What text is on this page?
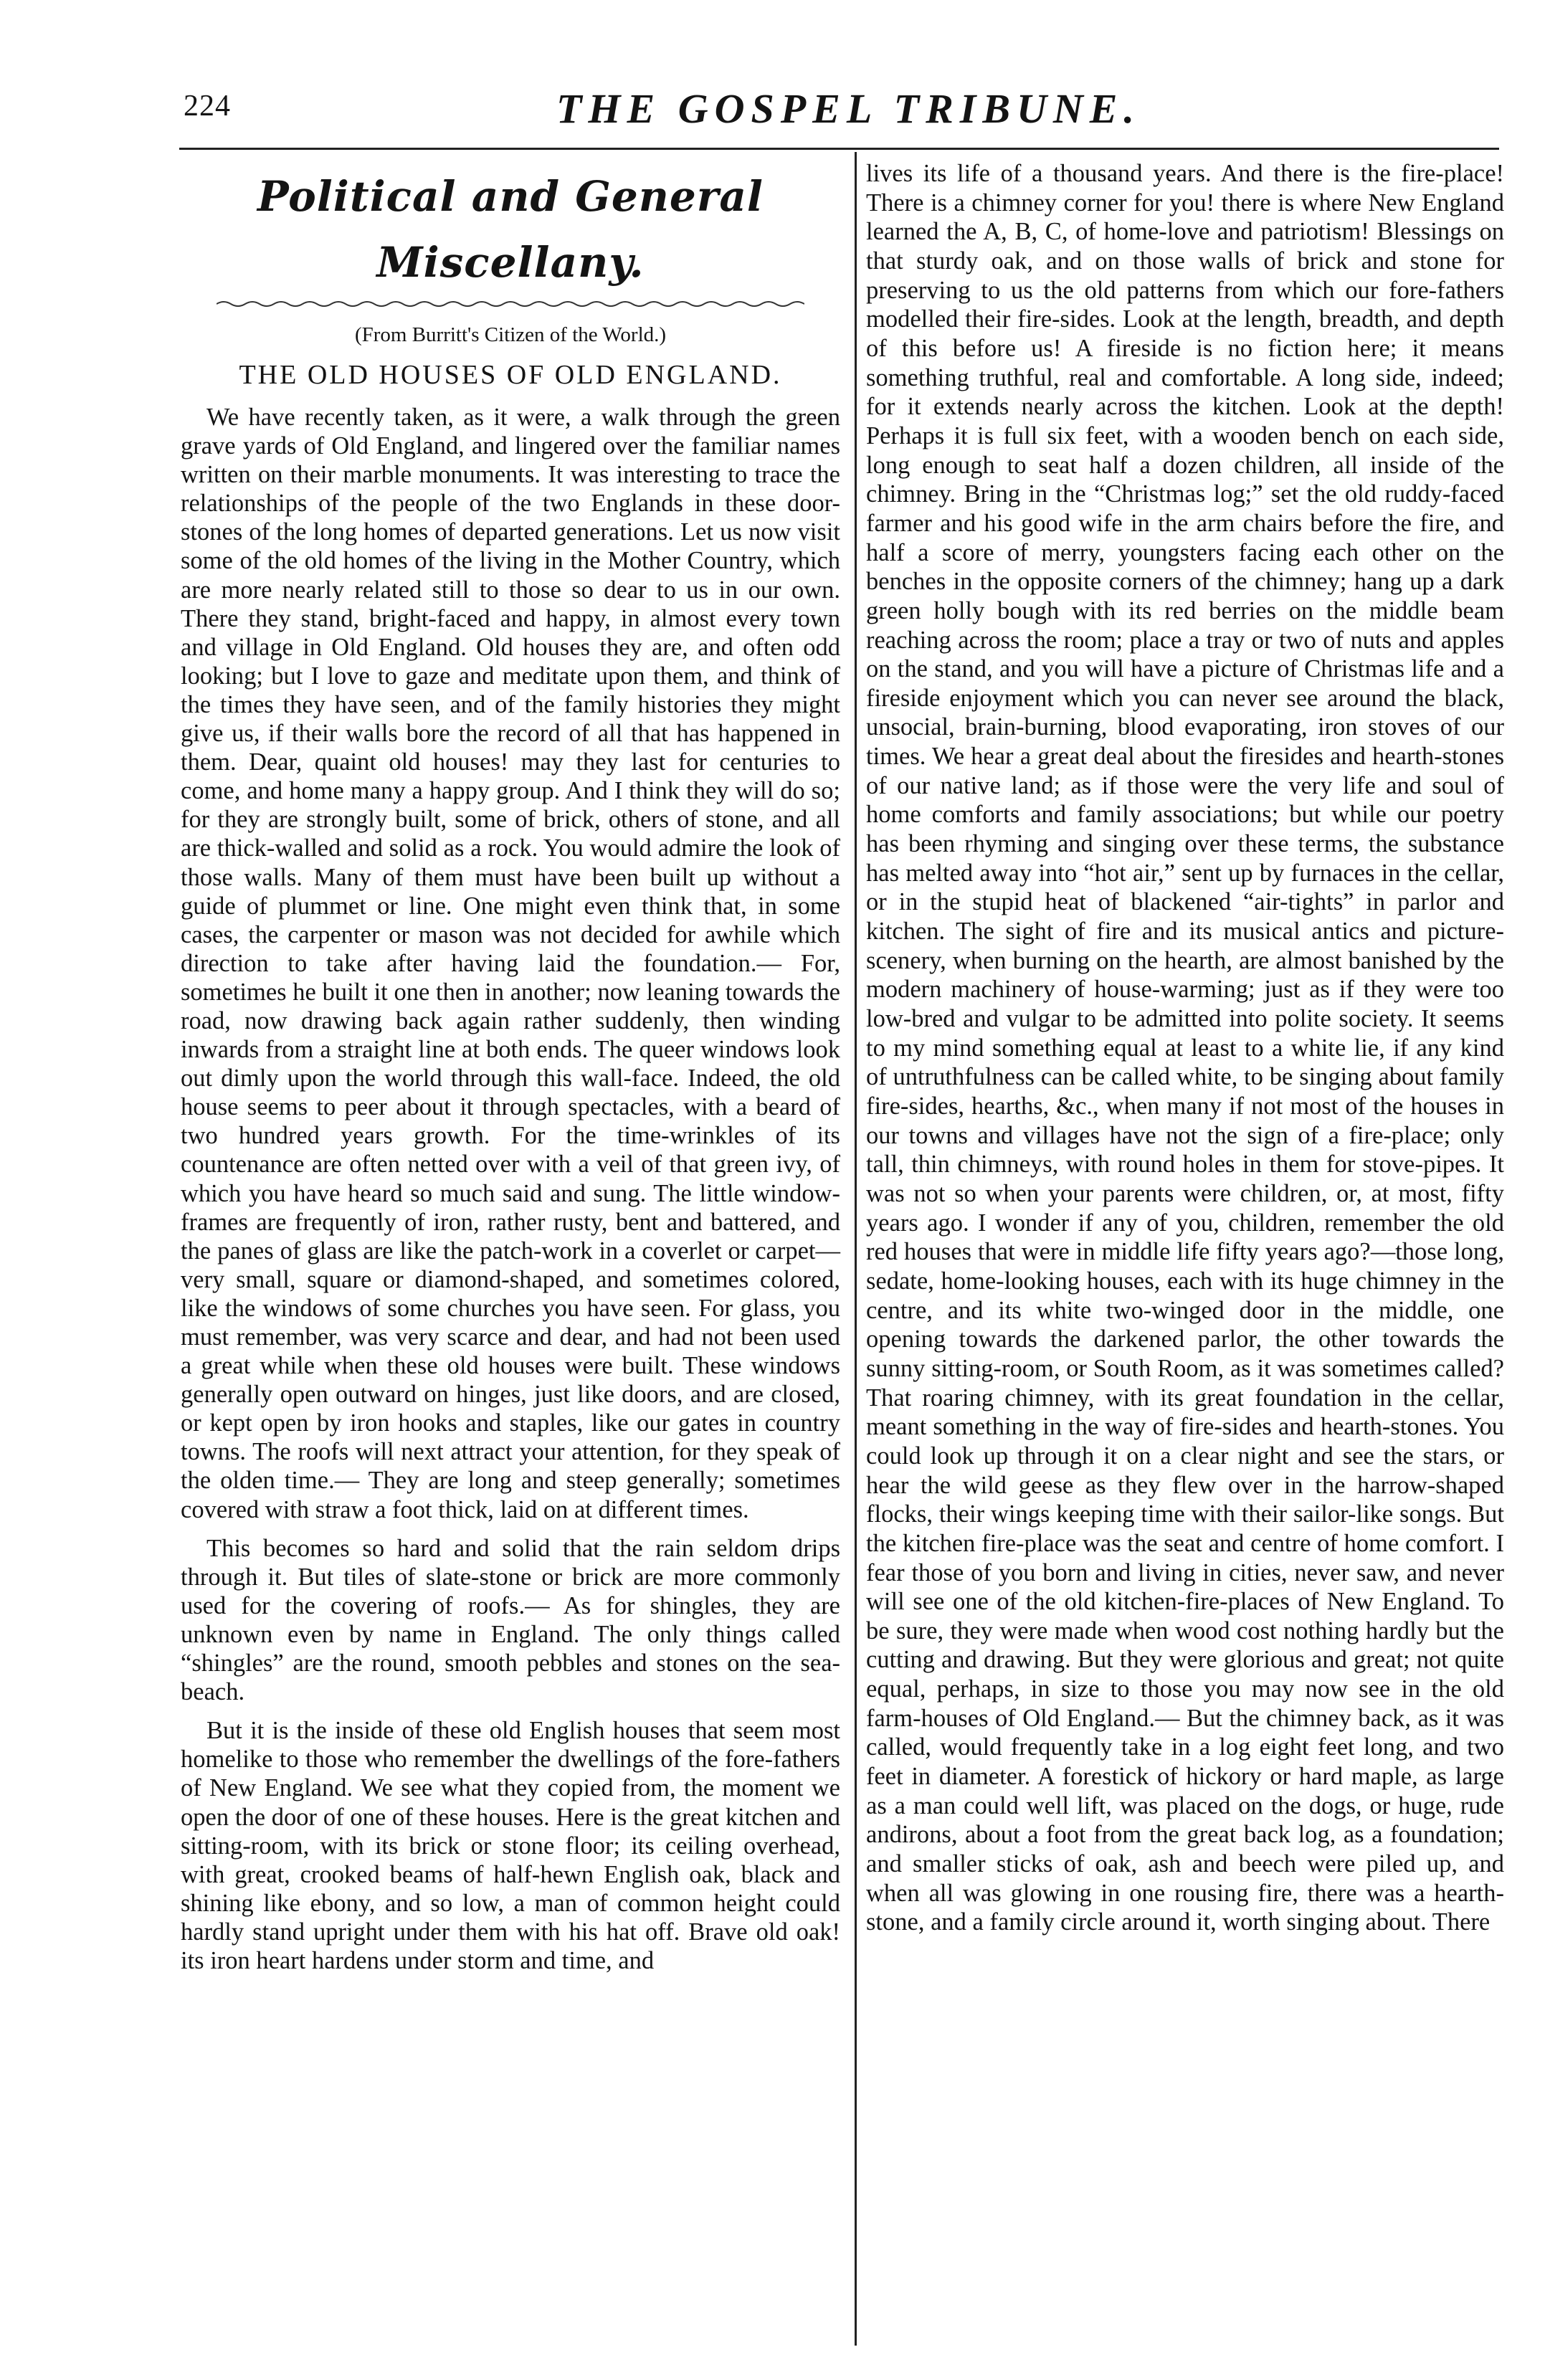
224	THE GOSPEL TRIBUNE.
Political and General Miscellany.
(From Burritt's Citizen of the World.)
THE OLD HOUSES OF OLD ENGLAND.

We have recently taken, as it were, a walk through the green grave yards of Old England, and lingered over the familiar names written on their marble monuments. It was interesting to trace the relationships of the people of the two Englands in these door-stones of the long homes of departed generations. Let us now visit some of the old homes of the living in the Mother Country, which are more nearly related still to those so dear to us in our own. There they stand, bright-faced and happy, in almost every town and village in Old England. Old houses they are, and often odd looking; but I love to gaze and meditate upon them, and think of the times they have seen, and of the family histories they might give us, if their walls bore the record of all that has happened in them. Dear, quaint old houses! may they last for centuries to come, and home many a happy group. And I think they will do so; for they are strongly built, some of brick, others of stone, and all are thick-walled and solid as a rock. You would admire the look of those walls. Many of them must have been built up without a guide of plummet or line. One might even think that, in some cases, the carpenter or mason was not decided for awhile which direction to take after having laid the foundation.— For, sometimes he built it one then in another; now leaning towards the road, now drawing back again rather suddenly, then winding inwards from a straight line at both ends. The queer windows look out dimly upon the world through this wall-face. Indeed, the old house seems to peer about it through spectacles, with a beard of two hundred years growth. For the time-wrinkles of its countenance are often netted over with a veil of that green ivy, of which you have heard so much said and sung. The little window-frames are frequently of iron, rather rusty, bent and battered, and the panes of glass are like the patch-work in a coverlet or carpet—very small, square or diamond-shaped, and sometimes colored, like the windows of some churches you have seen. For glass, you must remember, was very scarce and dear, and had not been used a great while when these old houses were built. These windows generally open outward on hinges, just like doors, and are closed, or kept open by iron hooks and staples, like our gates in country towns. The roofs will next attract your attention, for they speak of the olden time.— They are long and steep generally; sometimes covered with straw a foot thick, laid on at different times.

This becomes so hard and solid that the rain seldom drips through it. But tiles of slate-stone or brick are more commonly used for the covering of roofs.— As for shingles, they are unknown even by name in England. The only things called “shingles” are the round, smooth pebbles and stones on the sea-beach.

But it is the inside of these old English houses that seem most homelike to those who remember the dwellings of the fore-fathers of New England. We see what they copied from, the moment we open the door of one of these houses. Here is the great kitchen and sitting-room, with its brick or stone floor; its ceiling overhead, with great, crooked beams of half-hewn English oak, black and shining like ebony, and so low, a man of common height could hardly stand upright under them with his hat off. Brave old oak! its iron heart hardens under storm and time, and

lives its life of a thousand years. And there is the fire-place! There is a chimney corner for you! there is where New England learned the A, B, C, of home-love and patriotism! Blessings on that sturdy oak, and on those walls of brick and stone for preserving to us the old patterns from which our fore-fathers modelled their fire-sides. Look at the length, breadth, and depth of this before us! A fireside is no fiction here; it means something truthful, real and comfortable. A long side, indeed; for it extends nearly across the kitchen. Look at the depth! Perhaps it is full six feet, with a wooden bench on each side, long enough to seat half a dozen children, all inside of the chimney. Bring in the “Christmas log;” set the old ruddy-faced farmer and his good wife in the arm chairs before the fire, and half a score of merry, youngsters facing each other on the benches in the opposite corners of the chimney; hang up a dark green holly bough with its red berries on the middle beam reaching across the room; place a tray or two of nuts and apples on the stand, and you will have a picture of Christmas life and a fireside enjoyment which you can never see around the black, unsocial, brain-burning, blood evaporating, iron stoves of our times. We hear a great deal about the firesides and hearth-stones of our native land; as if those were the very life and soul of home comforts and family associations; but while our poetry has been rhyming and singing over these terms, the substance has melted away into “hot air,” sent up by furnaces in the cellar, or in the stupid heat of blackened “air-tights” in parlor and kitchen. The sight of fire and its musical antics and picture-scenery, when burning on the hearth, are almost banished by the modern machinery of house-warming; just as if they were too low-bred and vulgar to be admitted into polite society. It seems to my mind something equal at least to a white lie, if any kind of untruthfulness can be called white, to be singing about family fire-sides, hearths, &c., when many if not most of the houses in our towns and villages have not the sign of a fire-place; only tall, thin chimneys, with round holes in them for stove-pipes. It was not so when your parents were children, or, at most, fifty years ago. I wonder if any of you, children, remember the old red houses that were in middle life fifty years ago?—those long, sedate, home-looking houses, each with its huge chimney in the centre, and its white two-winged door in the middle, one opening towards the darkened parlor, the other towards the sunny sitting-room, or South Room, as it was sometimes called? That roaring chimney, with its great foundation in the cellar, meant something in the way of fire-sides and hearth-stones. You could look up through it on a clear night and see the stars, or hear the wild geese as they flew over in the harrow-shaped flocks, their wings keeping time with their sailor-like songs. But the kitchen fire-place was the seat and centre of home comfort. I fear those of you born and living in cities, never saw, and never will see one of the old kitchen-fire-places of New England. To be sure, they were made when wood cost nothing hardly but the cutting and drawing. But they were glorious and great; not quite equal, perhaps, in size to those you may now see in the old farm-houses of Old England.— But the chimney back, as it was called, would frequently take in a log eight feet long, and two feet in diameter. A forestick of hickory or hard maple, as large as a man could well lift, was placed on the dogs, or huge, rude andirons, about a foot from the great back log, as a foundation; and smaller sticks of oak, ash and beech were piled up, and when all was glowing in one rousing fire, there was a hearth-stone, and a family circle around it, worth singing about. There
